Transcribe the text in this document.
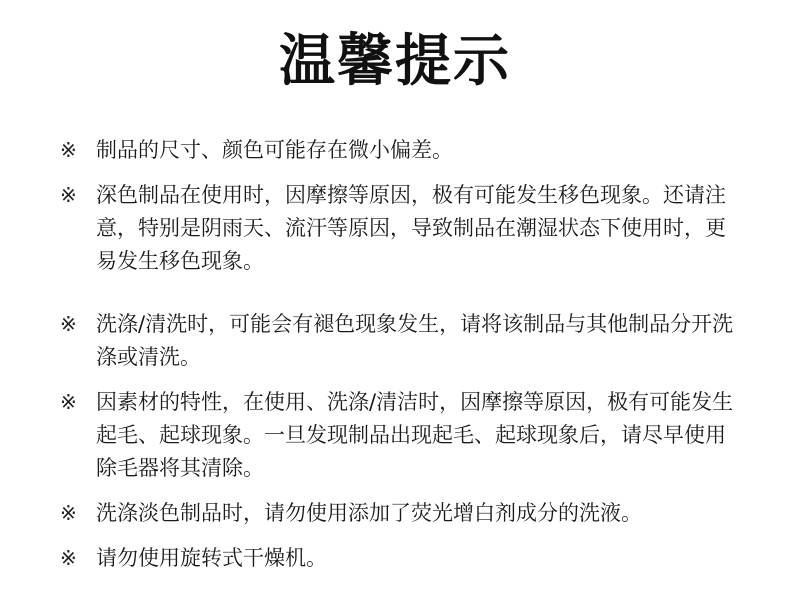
温馨提示
※ 制品的尺寸、颜色可能存在微小偏差。
※ 深色制品在使用时，因摩擦等原因，极有可能发生移色现象。还请注意，特别是阴雨天、流汗等原因，导致制品在潮湿状态下使用时，更易发生移色现象。
※ 洗涤/清洗时，可能会有褪色现象发生，请将该制品与其他制品分开洗涤或清洗。
※ 因素材的特性，在使用、洗涤/清洁时，因摩擦等原因，极有可能发生起毛、起球现象。一旦发现制品出现起毛、起球现象后，请尽早使用除毛器将其清除。
※ 洗涤淡色制品时，请勿使用添加了荧光增白剂成分的洗液。
※ 请勿使用旋转式干燥机。
